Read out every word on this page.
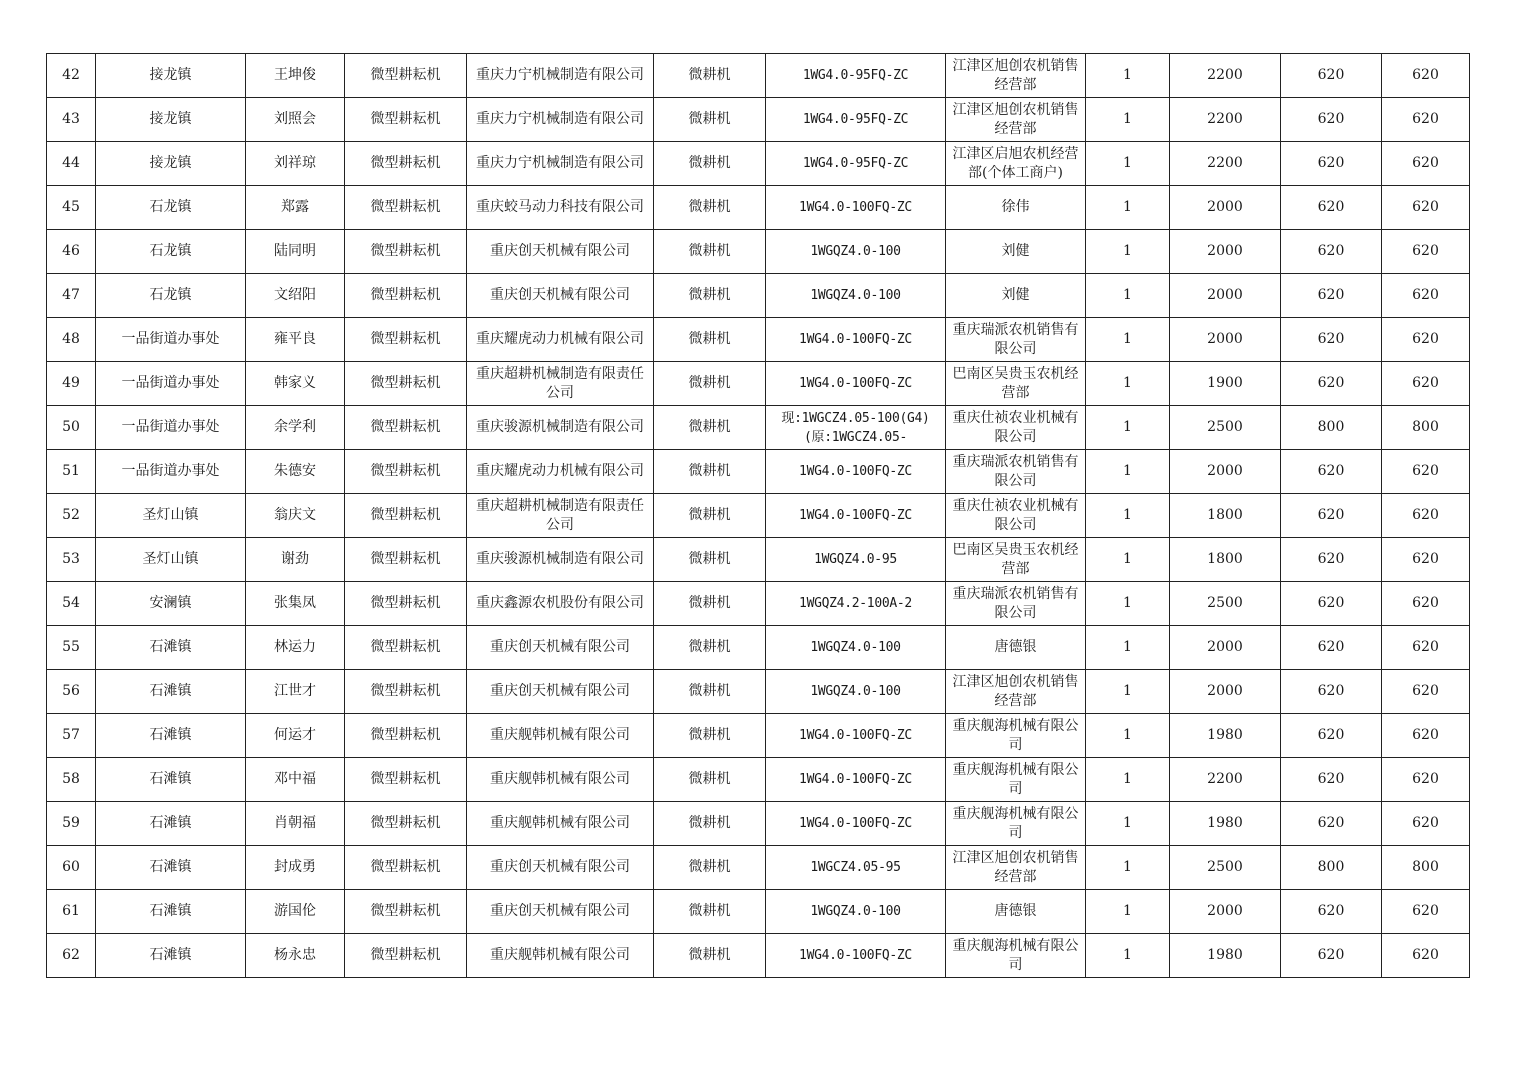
42	接龙镇	王坤俊	微型耕耘机	重庆力宁机械制造有限公司	微耕机	1WG4.0-95FQ-ZC	江津区旭创农机销售经营部	1	2200	620	620
43	接龙镇	刘照会	微型耕耘机	重庆力宁机械制造有限公司	微耕机	1WG4.0-95FQ-ZC	江津区旭创农机销售经营部	1	2200	620	620
44	接龙镇	刘祥琼	微型耕耘机	重庆力宁机械制造有限公司	微耕机	1WG4.0-95FQ-ZC	江津区启旭农机经营部(个体工商户)	1	2200	620	620
45	石龙镇	郑露	微型耕耘机	重庆蛟马动力科技有限公司	微耕机	1WG4.0-100FQ-ZC	徐伟	1	2000	620	620
46	石龙镇	陆同明	微型耕耘机	重庆创天机械有限公司	微耕机	1WGQZ4.0-100	刘健	1	2000	620	620
47	石龙镇	文绍阳	微型耕耘机	重庆创天机械有限公司	微耕机	1WGQZ4.0-100	刘健	1	2000	620	620
48	一品街道办事处	雍平良	微型耕耘机	重庆耀虎动力机械有限公司	微耕机	1WG4.0-100FQ-ZC	重庆瑞派农机销售有限公司	1	2000	620	620
49	一品街道办事处	韩家义	微型耕耘机	重庆超耕机械制造有限责任公司	微耕机	1WG4.0-100FQ-ZC	巴南区吴贵玉农机经营部	1	1900	620	620
50	一品街道办事处	余学利	微型耕耘机	重庆骏源机械制造有限公司	微耕机	现:1WGCZ4.05-100(G4)(原:1WGCZ4.05-	重庆仕祯农业机械有限公司	1	2500	800	800
51	一品街道办事处	朱德安	微型耕耘机	重庆耀虎动力机械有限公司	微耕机	1WG4.0-100FQ-ZC	重庆瑞派农机销售有限公司	1	2000	620	620
52	圣灯山镇	翁庆文	微型耕耘机	重庆超耕机械制造有限责任公司	微耕机	1WG4.0-100FQ-ZC	重庆仕祯农业机械有限公司	1	1800	620	620
53	圣灯山镇	谢劲	微型耕耘机	重庆骏源机械制造有限公司	微耕机	1WGQZ4.0-95	巴南区吴贵玉农机经营部	1	1800	620	620
54	安澜镇	张集凤	微型耕耘机	重庆鑫源农机股份有限公司	微耕机	1WGQZ4.2-100A-2	重庆瑞派农机销售有限公司	1	2500	620	620
55	石滩镇	林运力	微型耕耘机	重庆创天机械有限公司	微耕机	1WGQZ4.0-100	唐德银	1	2000	620	620
56	石滩镇	江世才	微型耕耘机	重庆创天机械有限公司	微耕机	1WGQZ4.0-100	江津区旭创农机销售经营部	1	2000	620	620
57	石滩镇	何运才	微型耕耘机	重庆舰韩机械有限公司	微耕机	1WG4.0-100FQ-ZC	重庆舰海机械有限公司	1	1980	620	620
58	石滩镇	邓中福	微型耕耘机	重庆舰韩机械有限公司	微耕机	1WG4.0-100FQ-ZC	重庆舰海机械有限公司	1	2200	620	620
59	石滩镇	肖朝福	微型耕耘机	重庆舰韩机械有限公司	微耕机	1WG4.0-100FQ-ZC	重庆舰海机械有限公司	1	1980	620	620
60	石滩镇	封成勇	微型耕耘机	重庆创天机械有限公司	微耕机	1WGCZ4.05-95	江津区旭创农机销售经营部	1	2500	800	800
61	石滩镇	游国伦	微型耕耘机	重庆创天机械有限公司	微耕机	1WGQZ4.0-100	唐德银	1	2000	620	620
62	石滩镇	杨永忠	微型耕耘机	重庆舰韩机械有限公司	微耕机	1WG4.0-100FQ-ZC	重庆舰海机械有限公司	1	1980	620	620
